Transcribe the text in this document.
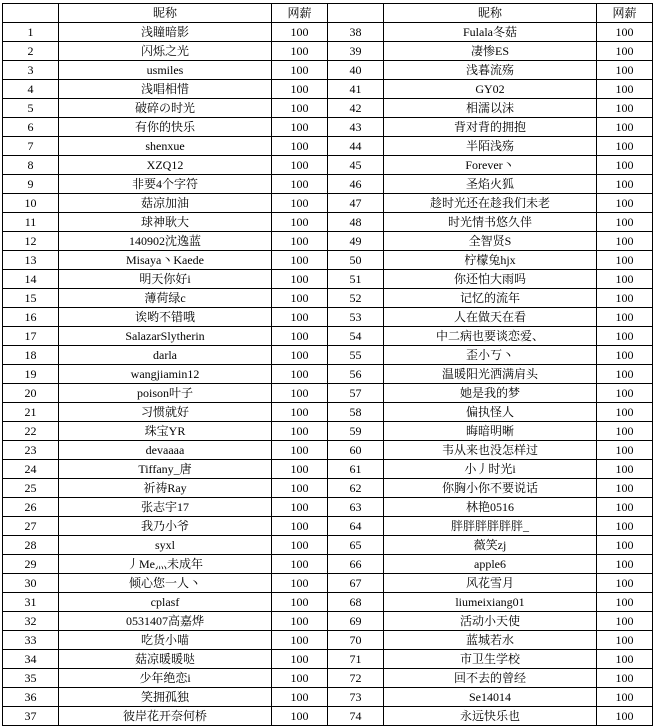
	昵称	网薪		昵称	网薪
1	浅瞳暗影	100	38	Fulala冬菇	100
2	闪烁之光	100	39	凄惨ES	100
3	usmiles	100	40	浅暮流殇	100
4	浅唱相惜	100	41	GY02	100
5	破碎の时光	100	42	相濡以沫	100
6	有你的快乐	100	43	背对背的拥抱	100
7	shenxue	100	44	半陌浅殇	100
8	XZQ12	100	45	Forever丶	100
9	非要4个字符	100	46	圣焰火狐	100
10	菇凉加油	100	47	趁时光还在趁我们未老	100
11	球神耿大	100	48	时光情书悠久伴	100
12	140902沈逸蓝	100	49	全智贤S	100
13	Misaya丶Kaede	100	50	柠檬兔hjx	100
14	明天你好i	100	51	你还怕大雨吗	100
15	薄荷绿c	100	52	记忆的流年	100
16	诶哟不错哦	100	53	人在做天在看	100
17	SalazarSlytherin	100	54	中二病也要谈恋爱、	100
18	darla	100	55	歪小丂丶	100
19	wangjiamin12	100	56	温暖阳光洒满肩头	100
20	poison叶子	100	57	她是我的梦	100
21	习惯就好	100	58	偏执怪人	100
22	珠宝YR	100	59	晦暗明晰	100
23	devaaaa	100	60	韦从来也没怎样过	100
24	Tiffany_唐	100	61	小丿时光i	100
25	祈祷Ray	100	62	你胸小你不要说话	100
26	张志宇17	100	63	林艳0516	100
27	我乃小爷	100	64	胖胖胖胖胖胖_	100
28	syxl	100	65	薇笑zj	100
29	丿Me灬未成年	100	66	apple6	100
30	倾心您一人丶	100	67	风花雪月	100
31	cplasf	100	68	liumeixiang01	100
32	0531407高嘉烨	100	69	活动小天使	100
33	吃货小喵	100	70	蓝城若水	100
34	菇凉暖暖哒	100	71	市卫生学校	100
35	少年绝恋i	100	72	回不去的曾经	100
36	笑拥孤独	100	73	Se14014	100
37	彼岸花开奈何桥	100	74	永远快乐也	100
